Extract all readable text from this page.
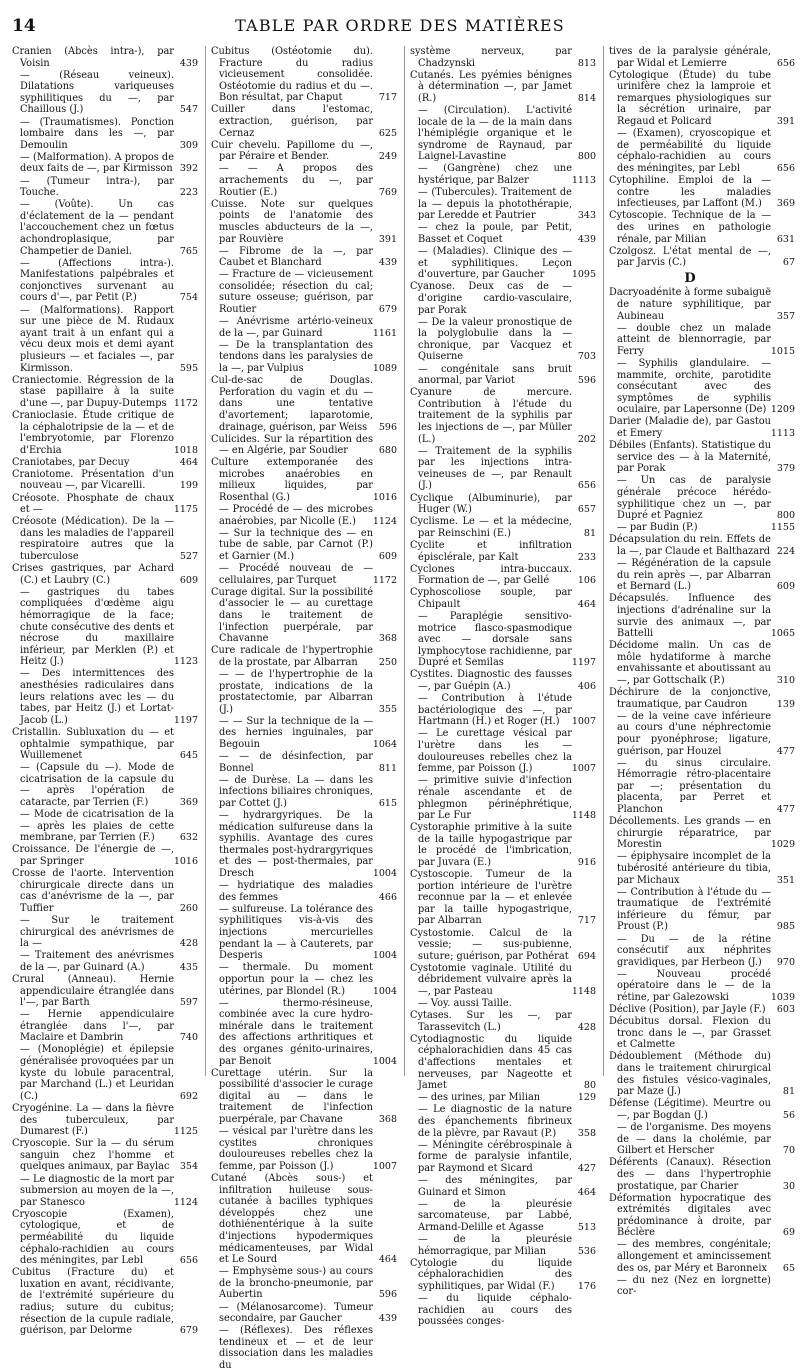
14	TABLE PAR ORDRE DES MATIÈRES
Cranien (Abcès intra-), par Voisin	439
— (Réseau veineux). Dilatations variqueuses syphilitiques du —, par Chaillous (J.)	547
— (Traumatismes). Ponction lombaire dans les —, par Demoulin	309
— (Malformation). A propos de deux faits de —, par Kirmisson 392
— (Tumeur intra-), par Touche.	223
— (Voûte). Un cas d'éclatement de la — pendant l'accouchement chez un fœtus achondroplasique, par Champetier de Daniel.	765
— (Affections intra-). Manifestations palpébrales et conjonctives survenant au cours d'—, par Petit (P.)	754
— (Malformations). Rapport sur une pièce de M. Rudaux ayant trait à un enfant qui a vécu deux mois et demi ayant plusieurs — et faciales —, par Kirmisson.	595
Craniectomie. Régression de la stase papillaire à la suite d'une —, par Dupuy-Dutemps 1172
Cranioclasie. Étude critique de la céphalotripsie de la — et de l'embryotomie, par Florenzo d'Erchia	1018
Craniotabes, par Decuy	464
Craniotome. Présentation d'un nouveau —, par Vicarelli.	199
Créosote. Phosphate de chaux et —	1175
Créosote (Médication). De la — dans les maladies de l'appareil respiratoire autres que la tuberculose	527
Crises gastriques, par Achard (C.) et Laubry (C.)	609
— gastriques du tabes compliquées d'œdème aigu hémorragique de la face; chute consécutive des dents et nécrose du maxillaire inférieur, par Merklen (P.) et Heitz (J.)	1123
— Des intermittences des anesthésies radiculaires dans leurs relations avec les — du tabes, par Heitz (J.) et Lortat-Jacob (L.)	1197
Cristallin. Subluxation du — et ophtalmie sympathique, par Wuillemenet	645
— (Capsule du —). Mode de cicatrisation de la capsule du — après l'opération de cataracte, par Terrien (F.)	369
— Mode de cicatrisation de la — après les plaies de cette membrane, par Terrien (F.)	632
Croissance. De l'énergie de —, par Springer	1016
Crosse de l'aorte. Intervention chirurgicale directe dans un cas d'anévrisme de la —, par Tuffier	260
— Sur le traitement chirurgical des anévrismes de la —	428
— Traitement des anévrismes de la —, par Guinard (A.)	435
Crural (Anneau). Hernie appendiculaire étranglée dans l'—, par Barth	597
— Hernie appendiculaire étranglée dans l'—, par Maclaire et Dambrin	740
— (Monoplégie) et épilepsie généralisée provoquées par un kyste du lobule paracentral, par Marchand (L.) et Leuridan (C.)	692
Cryogénine. La — dans la fièvre des tuberculeux, par Dumarest (F.)	1125
Cryoscopie. Sur la — du sérum sanguin chez l'homme et quelques animaux, par Baylac 354
— Le diagnostic de la mort par submersion au moyen de la —, par Stanesco	1124
Cryoscopie (Examen), cytologique, et de perméabilité du liquide céphalo-rachidien au cours des méningites, par Lebl	656
Cubitus (Fracture du) et luxation en avant, récidivante, de l'extrémité supérieure du radius; suture du cubitus; résection de la cupule radiale, guérison, par Delorme	679
Cubitus (Ostéotomie du). Fracture du radius vicieusement consolidée. Ostéotomie du radius et du —. Bon résultat, par Chaput	717
Cuiller dans l'estomac, extraction, guérison, par Cernaz	625
Cuir chevelu. Papillome du —, par Péraire et Bender.	249
— — A propos des arrachements du —, par Routier (E.)	769
Cuisse. Note sur quelques points de l'anatomie des muscles abducteurs de la —, par Rouvière	391
— Fibrome de la —, par Caubet et Blanchard	439
— Fracture de — vicieusement consolidée; résection du cal; suture osseuse; guérison, par Routier	679
— Anévrisme artério-veineux de la —, par Guinard	1161
— De la transplantation des tendons dans les paralysies de la —, par Vulpius	1089
Cul-de-sac de Douglas. Perforation du vagin et du — dans une tentative d'avortement; laparotomie, drainage, guérison, par Weiss 596
Culicides. Sur la répartition des — en Algérie, par Soudier	680
Culture extemporanée des microbes anaérobies en milieux liquides, par Rosenthal (G.)	1016
— Procédé de — des microbes anaérobies, par Nicolle (E.) 1124
— Sur la technique des — en tube de sable, par Carnot (P.) et Garnier (M.)	609
— Procédé nouveau de — cellulaires, par Turquet	1172
Curage digital. Sur la possibilité d'associer le — au curettage dans le traitement de l'infection puerpérale, par Chavanne	368
Cure radicale de l'hypertrophie de la prostate, par Albarran 250
— — de l'hypertrophie de la prostate, indications de la prostatectomie, par Albarran (J.)	355
— — Sur la technique de la — des hernies inguinales, par Begouin	1064
— — de désinfection, par Bonnel	811
— de Durèse. La — dans les infections biliaires chroniques, par Cottet (J.)	615
— hydrargyriques. De la médication sulfureuse dans la syphilis. Avantage des cures thermales post-hydrargyriques et des — post-thermales, par Dresch	1004
— hydriatique des maladies des femmes	466
— sulfureuse. La tolérance des syphilitiques vis-à-vis des injections mercurielles pendant la — à Cauterets, par Desperis	1004
— thermale. Du moment opportun pour la — chez les utérines, par Blondel (R.)	1004
— thermo-résineuse, combinée avec la cure hydro-minérale dans le traitement des affections arthritiques et des organes génito-urinaires, par Benoit	1004
Curettage utérin. Sur la possibilité d'associer le curage digital au — dans le traitement de l'infection puerpérale, par Chavane	368
— vésical par l'urètre dans les cystites chroniques douloureuses rebelles chez la femme, par Poisson (J.)	1007
Cutané (Abcès sous-) et infiltration huileuse sous-cutanée à bacilles typhiques développés chez une dothiénentérique à la suite d'injections hypodermiques médicamenteuses, par Widal et Le Sourd	464
— Emphysème sous-) au cours de la broncho-pneumonie, par Aubertin	596
— (Mélanosarcome). Tumeur secondaire, par Gaucher	439
— (Réflexes). Des réflexes tendineux et — et de leur dissociation dans les maladies du
système nerveux, par Chadzynski	813
Cutanés. Les pyémies bénignes à détermination —, par Jamet (R.)	814
— (Circulation). L'activité locale de la — de la main dans l'hémiplégie organique et le syndrome de Raynaud, par Laignel-Lavastine	800
— (Gangrène) chez une hystérique, par Balzer	1113
— (Tubercules). Traitement de la — depuis la photothérapie, par Leredde et Pautrier	343
— chez la poule, par Petit, Basset et Coquet	439
— (Maladies). Clinique des — et syphilitiques. Leçon d'ouverture, par Gaucher	1095
Cyanose. Deux cas de — d'origine cardio-vasculaire, par Porak
— De la valeur pronostique de la polyglobulie dans la — chronique, par Vacquez et Quiserne	703
— congénitale sans bruit anormal, par Variot	596
Cyanure de mercure. Contribution à l'étude du traitement de la syphilis par les injections de —, par Müller (L.)	202
— Traitement de la syphilis par les injections intra-veineuses de —, par Renault (J.)	656
Cyclique (Albuminurie), par Huger (W.)	657
Cyclisme. Le — et la médecine, par Reinschini (E.)	81
Cyclite et infiltration épisclérale, par Kalt	233
Cyclones intra-buccaux. Formation de —, par Gellé	106
Cyphoscoliose souple, par Chipault	464
— Paraplégie sensitivo-motrice flasco-spasmodique avec — dorsale sans lymphocytose rachidienne, par Dupré et Semilas	1197
Cystites. Diagnostic des fausses —, par Guépin (A.)	406
— Contribution à l'étude bactériologique des —, par Hartmann (H.) et Roger (H.) 1007
— Le curettage vésical par l'urètre dans les — douloureuses rebelles chez la femme, par Poisson (J.)	1007
— primitive suivie d'infection rénale ascendante et de phlegmon périnéphrétique, par Le Fur	1148
Cystoraphie primitive à la suite de la taille hypogastrique par le procédé de l'imbrication, par Juvara (E.)	916
Cystoscopie. Tumeur de la portion intérieure de l'urètre reconnue par la — et enlevée par la taille hypogastrique, par Albarran	717
Cystostomie. Calcul de la vessie; — sus-pubienne, suture; guérison, par Pothérat 694
Cystotomie vaginale. Utilité du débridement vulvaire après la —, par Pasteau	1148
— Voy. aussi Taille.
Cytases. Sur les —, par Tarassevitch (L.)	428
Cytodiagnostic du liquide céphalorachidien dans 45 cas d'affections mentales et nerveuses, par Nageotte et Jamet	80
— des urines, par Milian	129
— Le diagnostic de la nature des épanchements fibrineux de la plèvre, par Ravaut (P.) 358
— Méningite cérébrospinale à forme de paralysie infantile, par Raymond et Sicard	427
— des méningites, par Guinard et Simon	464
— de la pleurésie sarcomateuse, par Labbé, Armand-Delille et Agasse	513
— de la pleurésie hémorragique, par Milian	536
Cytologie du liquide céphalorachidien des syphilitiques, par Widal (F.) 176
— du liquide céphalo-rachidien au cours des poussées conges-
tives de la paralysie générale, par Widal et Lemierre	656
Cytologique (Étude) du tube urinifère chez la lamproie et remarques physiologiques sur la sécrétion urinaire, par Regaud et Policard	391
— (Examen), cryoscopique et de perméabilité du liquide céphalo-rachidien au cours des méningites, par Lebl	656
Cytophiline. Emploi de la — contre les maladies infectieuses, par Laffont (M.) 369
Cytoscopie. Technique de la — des urines en pathologie rénale, par Milian	631
Czolgosz. L'état mental de —, par Jarvis (C.)	67
D
Dacryoadénite à forme subaiguë de nature syphilitique, par Aubineau	357
— double chez un malade atteint de blennorragie, par Ferry	1015
— Syphilis glandulaire. — mammite, orchite, parotidite consécutant avec des symptômes de syphilis oculaire, par Lapersonne (De) 1209
Darier (Maladie de), par Gastou et Emery	1113
Débiles (Enfants). Statistique du service des — à la Maternité, par Porak	379
— Un cas de paralysie générale précoce hérédo-syphilitique chez un —, par Dupré et Pagniez	800
— par Budin (P.)	1155
Décapsulation du rein. Effets de la —, par Claude et Balthazard 224
— Régénération de la capsule du rein après —, par Albarran et Bernard (L.)	609
Décapsulés. Influence des injections d'adrénaline sur la survie des animaux —, par Battelli	1065
Décidome malin. Un cas de môle hydatiforme à marche envahissante et aboutissant au —, par Gottschalk (P.)	310
Déchirure de la conjonctive, traumatique, par Caudron	139
— de la veine cave inférieure au cours d'une néphrectomie pour pyonéphrose; ligature, guérison, par Houzel	477
— du sinus circulaire. Hémorragie rétro-placentaire par —; présentation du placenta, par Perret et Planchon	477
Décollements. Les grands — en chirurgie réparatrice, par Morestin	1029
— épiphysaire incomplet de la tubérosité antérieure du tibia, par Michaux	351
— Contribution à l'étude du — traumatique de l'extrémité inférieure du fémur, par Proust (P.)	985
— Du — de la rétine consécutif aux néphrites gravidiques, par Herbeon (J.) 970
— Nouveau procédé opératoire dans le — de la rétine, par Galezowski	1039
Déclive (Position), par Jayle (F.) 603
Décubitus dorsal. Flexion du tronc dans le —, par Grasset et Calmette
Dédoublement (Méthode du) dans le traitement chirurgical des fistules vésico-vaginales, par Maze (J.)	81
Défense (Légitime). Meurtre ou —, par Bogdan (J.)	56
— de l'organisme. Des moyens de — dans la cholémie, par Gilbert et Herscher	70
Déférents (Canaux). Résection des — dans l'hypertrophie prostatique, par Charier	30
Déformation hypocratique des extrémités digitales avec prédominance à droite, par Béclère	69
— des membres, congénitale; allongement et amincissement des os, par Méry et Baronneix 65
— du nez (Nez en lorgnette) cor-
